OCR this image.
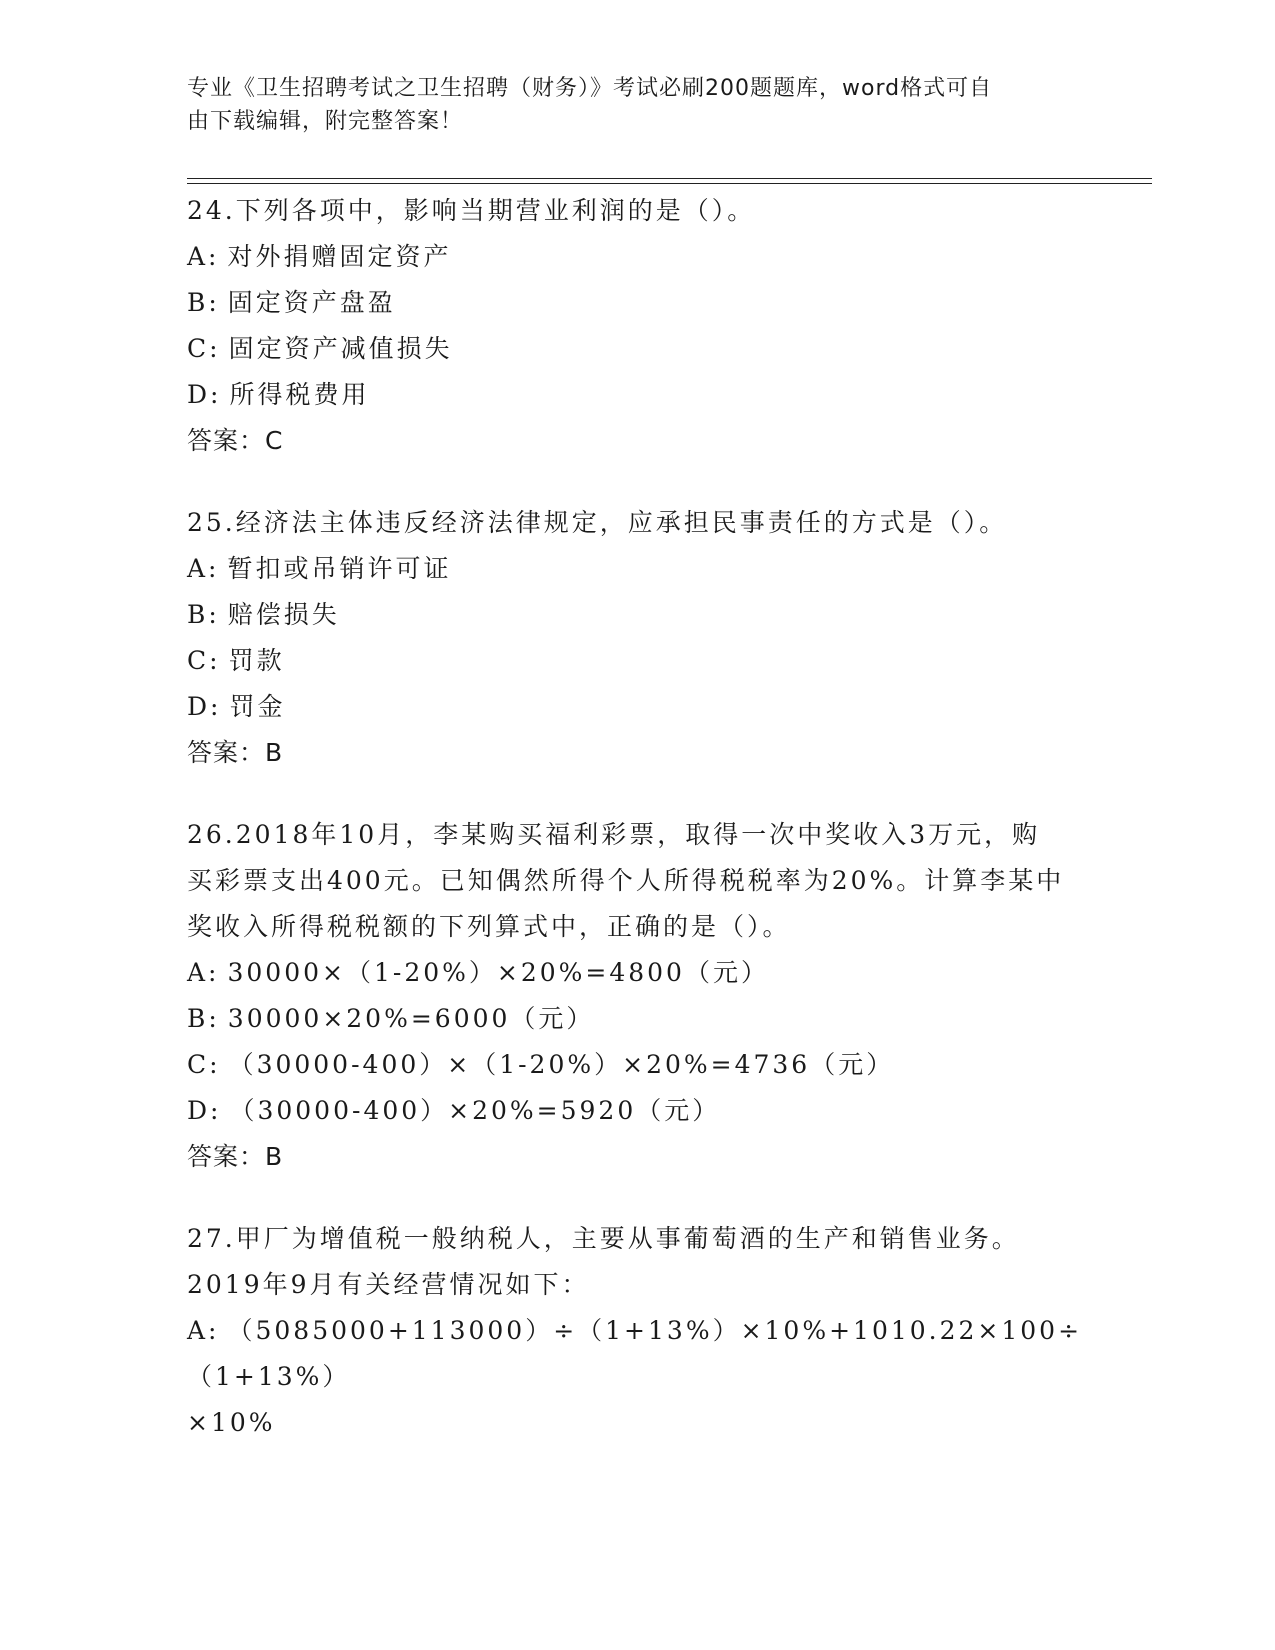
专业《卫生招聘考试之卫生招聘（财务）》考试必刷200题题库，word格式可自
由下载编辑，附完整答案！

24.下列各项中，影响当期营业利润的是（）。

A: 对外捐赠固定资产

B: 固定资产盘盈

C: 固定资产减值损失

D: 所得税费用

答案：C

25.经济法主体违反经济法律规定，应承担民事责任的方式是（）。

A: 暂扣或吊销许可证

B: 赔偿损失

C: 罚款

D: 罚金

答案：B

26.2018年10月，李某购买福利彩票，取得一次中奖收入3万元，购

买彩票支出400元。已知偶然所得个人所得税税率为20%。计算李某中

奖收入所得税税额的下列算式中，正确的是（）。

A: 30000×（1-20%）×20%=4800（元）

B: 30000×20%=6000（元）

C: （30000-400）×（1-20%）×20%=4736（元）

D: （30000-400）×20%=5920（元）

答案：B

27.甲厂为增值税一般纳税人，主要从事葡萄酒的生产和销售业务。

2019年9月有关经营情况如下：

A: （5085000+113000）÷（1+13%）×10%+1010.22×100÷（1+13%）

×10%
